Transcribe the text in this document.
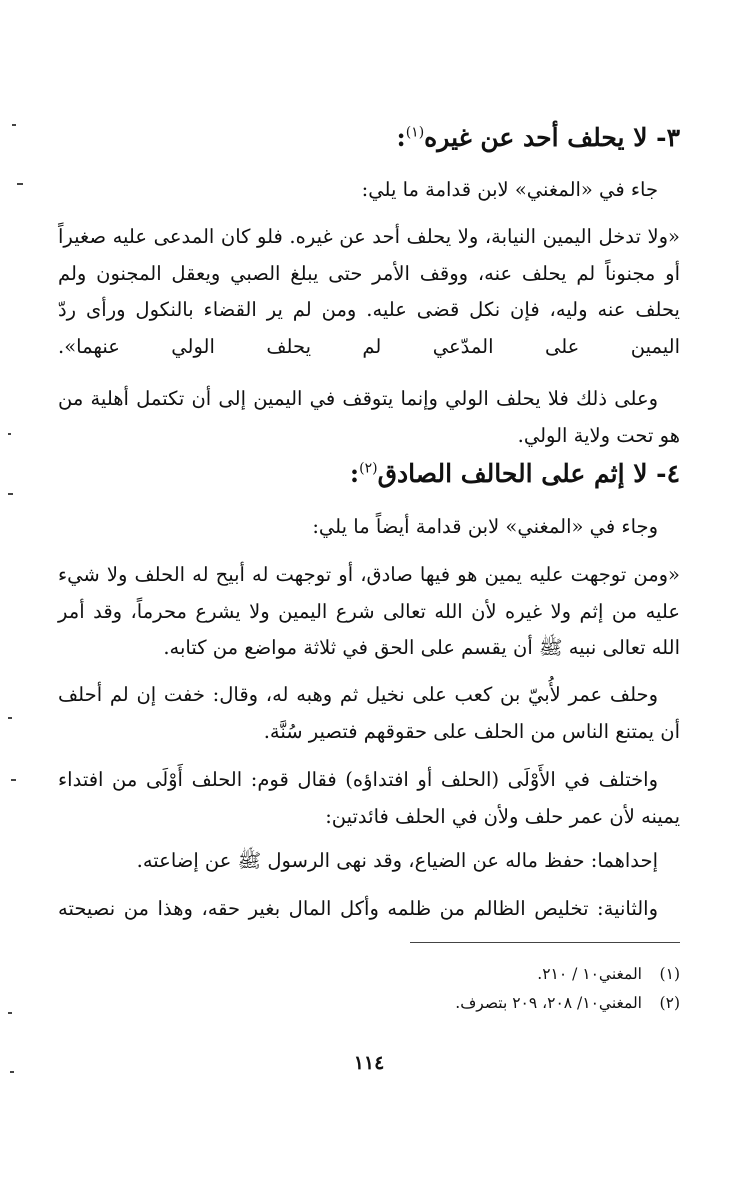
٣- لا يحلف أحد عن غيره$^{(١)}$:
جاء في «المغني» لابن قدامة ما يلي:
«ولا تدخل اليمين النيابة، ولا يحلف أحد عن غيره. فلو كان المدعى عليه صغيراً أو مجنوناً لم يحلف عنه، ووقف الأمر حتى يبلغ الصبي ويعقل المجنون ولم يحلف عنه وليه، فإن نكل قضى عليه. ومن لم ير القضاء بالنكول ورأى ردّ اليمين على المدّعي لم يحلف الولي عنهما».
وعلى ذلك فلا يحلف الولي وإنما يتوقف في اليمين إلى أن تكتمل أهلية من هو تحت ولاية الولي.
٤- لا إثم على الحالف الصادق$^{(٢)}$:
وجاء في «المغني» لابن قدامة أيضاً ما يلي:
«ومن توجهت عليه يمين هو فيها صادق، أو توجهت له أبيح له الحلف ولا شيء عليه من إثم ولا غيره لأن الله تعالى شرع اليمين ولا يشرع محرماً، وقد أمر الله تعالى نبيه ﷺ أن يقسم على الحق في ثلاثة مواضع من كتابه.
وحلف عمر لأُبيّ بن كعب على نخيل ثم وهبه له، وقال: خفت إن لم أحلف أن يمتنع الناس من الحلف على حقوقهم فتصير سُنَّة.
واختلف في الأَوْلَى (الحلف أو افتداؤه) فقال قوم: الحلف أَوْلَى من افتداء يمينه لأن عمر حلف ولأن في الحلف فائدتين:
إحداهما: حفظ ماله عن الضياع، وقد نهى الرسول ﷺ عن إضاعته.
والثانية: تخليص الظالم من ظلمه وأكل المال بغير حقه، وهذا من نصيحته
(١)المغني١٠ / ٢١٠.
(٢)المغني١٠/ ٢٠٨، ٢٠٩ بتصرف.
١١٤
